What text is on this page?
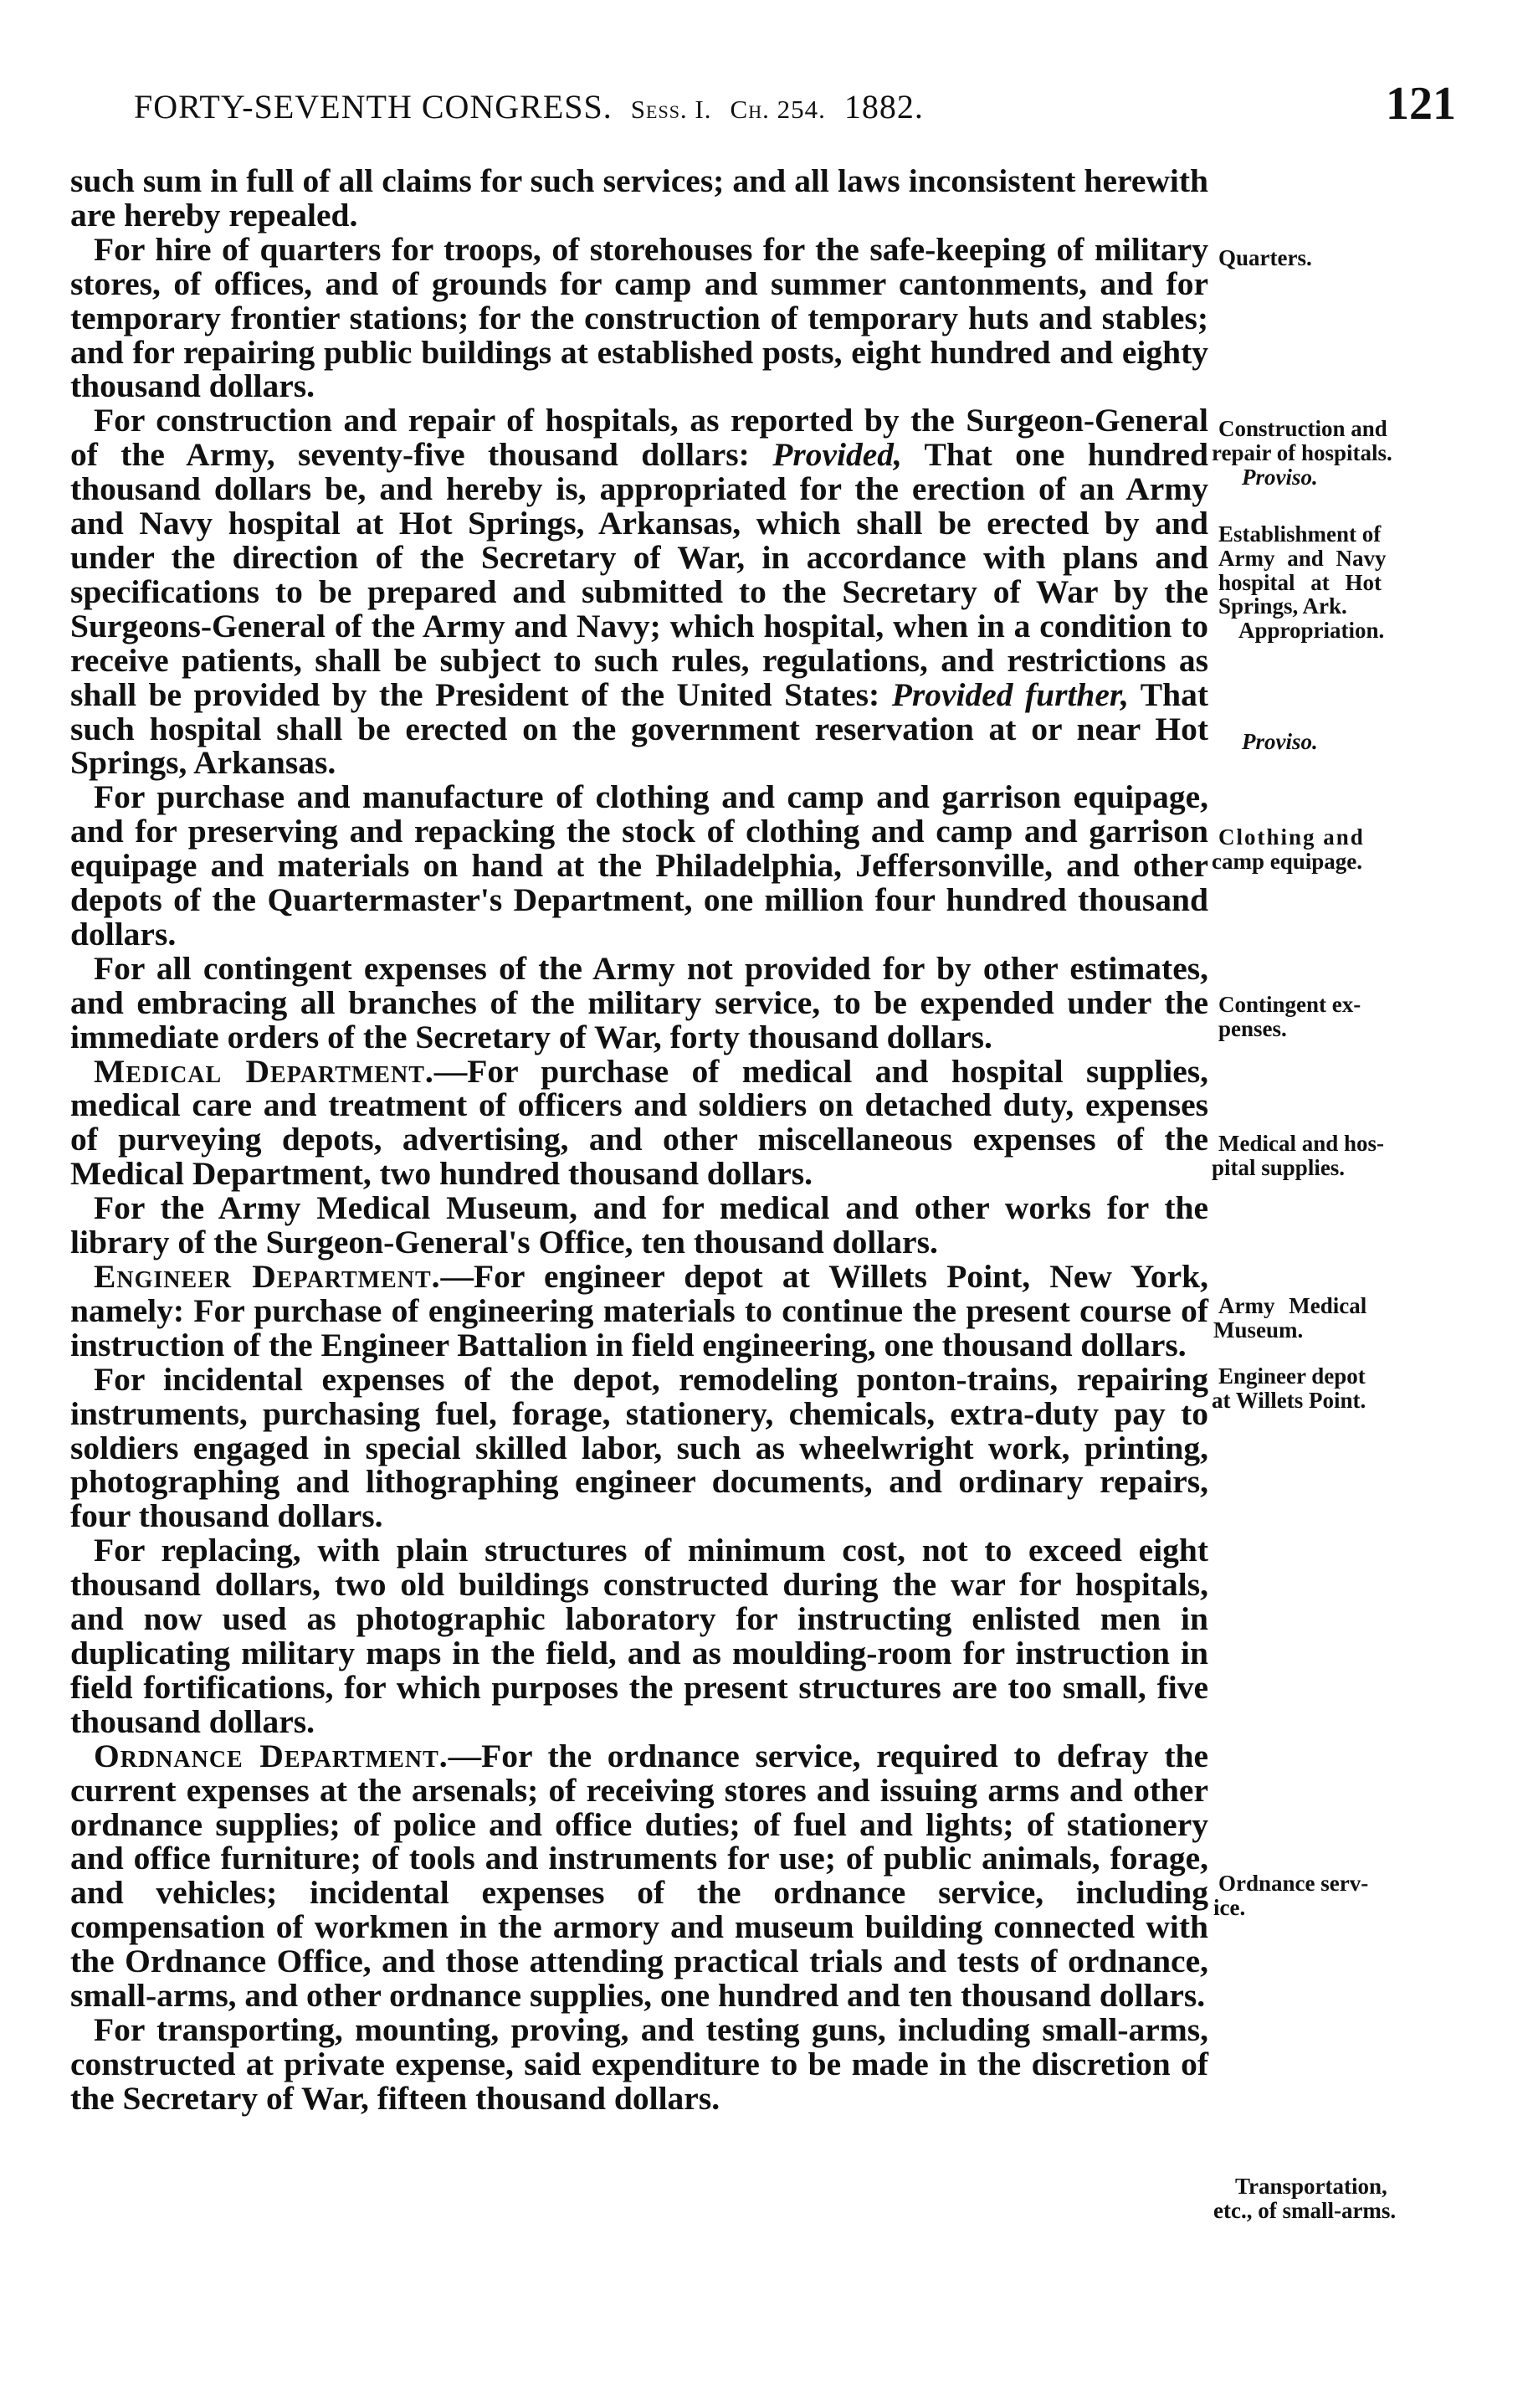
FORTY-SEVENTH CONGRESS. Sess. I. Ch. 254. 1882.	121

such sum in full of all claims for such services; and all laws inconsistent herewith are hereby repealed.

For hire of quarters for troops, of storehouses for the safe-keeping of military stores, of offices, and of grounds for camp and summer cantonments, and for temporary frontier stations; for the construction of temporary huts and stables; and for repairing public buildings at established posts, eight hundred and eighty thousand dollars.

For construction and repair of hospitals, as reported by the Surgeon-General of the Army, seventy-five thousand dollars: Provided, That one hundred thousand dollars be, and hereby is, appropriated for the erection of an Army and Navy hospital at Hot Springs, Arkansas, which shall be erected by and under the direction of the Secretary of War, in accordance with plans and specifications to be prepared and submitted to the Secretary of War by the Surgeons-General of the Army and Navy; which hospital, when in a condition to receive patients, shall be subject to such rules, regulations, and restrictions as shall be provided by the President of the United States: Provided further, That such hospital shall be erected on the government reservation at or near Hot Springs, Arkansas.

For purchase and manufacture of clothing and camp and garrison equipage, and for preserving and repacking the stock of clothing and camp and garrison equipage and materials on hand at the Philadelphia, Jeffersonville, and other depots of the Quartermaster's Department, one million four hundred thousand dollars.

For all contingent expenses of the Army not provided for by other estimates, and embracing all branches of the military service, to be expended under the immediate orders of the Secretary of War, forty thousand dollars.

Medical Department.—For purchase of medical and hospital supplies, medical care and treatment of officers and soldiers on detached duty, expenses of purveying depots, advertising, and other miscellaneous expenses of the Medical Department, two hundred thousand dollars.

For the Army Medical Museum, and for medical and other works for the library of the Surgeon-General's Office, ten thousand dollars.

Engineer Department.—For engineer depot at Willets Point, New York, namely: For purchase of engineering materials to continue the present course of instruction of the Engineer Battalion in field engineering, one thousand dollars.

For incidental expenses of the depot, remodeling ponton-trains, repairing instruments, purchasing fuel, forage, stationery, chemicals, extra-duty pay to soldiers engaged in special skilled labor, such as wheelwright work, printing, photographing and lithographing engineer documents, and ordinary repairs, four thousand dollars.

For replacing, with plain structures of minimum cost, not to exceed eight thousand dollars, two old buildings constructed during the war for hospitals, and now used as photographic laboratory for instructing enlisted men in duplicating military maps in the field, and as moulding-room for instruction in field fortifications, for which purposes the present structures are too small, five thousand dollars.

Ordnance Department.—For the ordnance service, required to defray the current expenses at the arsenals; of receiving stores and issuing arms and other ordnance supplies; of police and office duties; of fuel and lights; of stationery and office furniture; of tools and instruments for use; of public animals, forage, and vehicles; incidental expenses of the ordnance service, including compensation of workmen in the armory and museum building connected with the Ordnance Office, and those attending practical trials and tests of ordnance, small-arms, and other ordnance supplies, one hundred and ten thousand dollars.

For transporting, mounting, proving, and testing guns, including small-arms, constructed at private expense, said expenditure to be made in the discretion of the Secretary of War, fifteen thousand dollars.

Quarters.
Construction and
repair of hospitals.
Proviso.
Establishment of
Army and Navy
hospital at Hot
Springs, Ark.
Appropriation.
Proviso.
Clothing and
camp equipage.
Contingent ex-
penses.
Medical and hos-
pital supplies.
Army Medical
Museum.
Engineer depot
at Willets Point.
Ordnance serv-
ice.
Transportation,
etc., of small-arms.
